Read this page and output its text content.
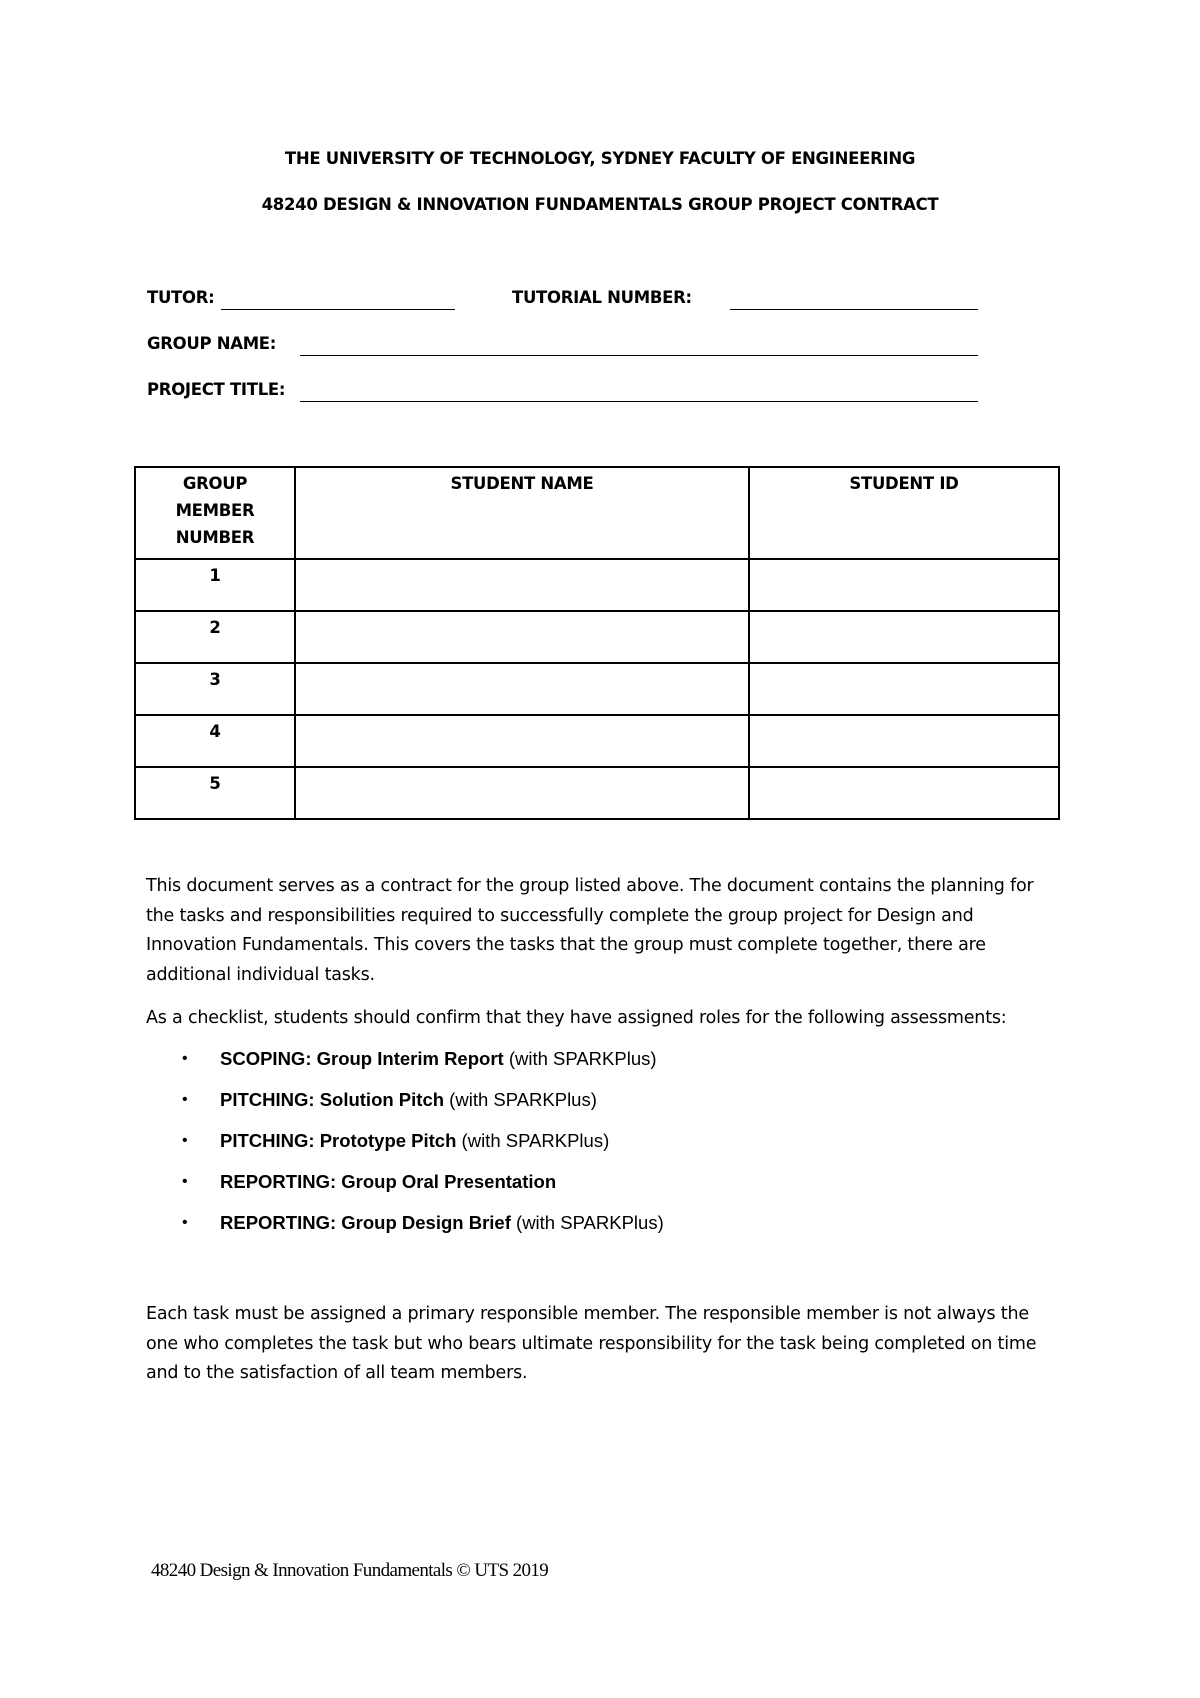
THE UNIVERSITY OF TECHNOLOGY, SYDNEY FACULTY OF ENGINEERING
48240 DESIGN & INNOVATION FUNDAMENTALS GROUP PROJECT CONTRACT
TUTOR:	TUTORIAL NUMBER:
GROUP NAME:
PROJECT TITLE:
GROUP
MEMBER
NUMBER	STUDENT NAME	STUDENT ID
1		
2		
3		
4		
5		
This document serves as a contract for the group listed above. The document contains the planning for the tasks and responsibilities required to successfully complete the group project for Design and Innovation Fundamentals. This covers the tasks that the group must complete together, there are additional individual tasks.
As a checklist, students should confirm that they have assigned roles for the following assessments:
• SCOPING: Group Interim Report (with SPARKPlus)
• PITCHING: Solution Pitch (with SPARKPlus)
• PITCHING: Prototype Pitch (with SPARKPlus)
• REPORTING: Group Oral Presentation
• REPORTING: Group Design Brief (with SPARKPlus)
Each task must be assigned a primary responsible member. The responsible member is not always the one who completes the task but who bears ultimate responsibility for the task being completed on time and to the satisfaction of all team members.
48240 Design & Innovation Fundamentals © UTS 2019
